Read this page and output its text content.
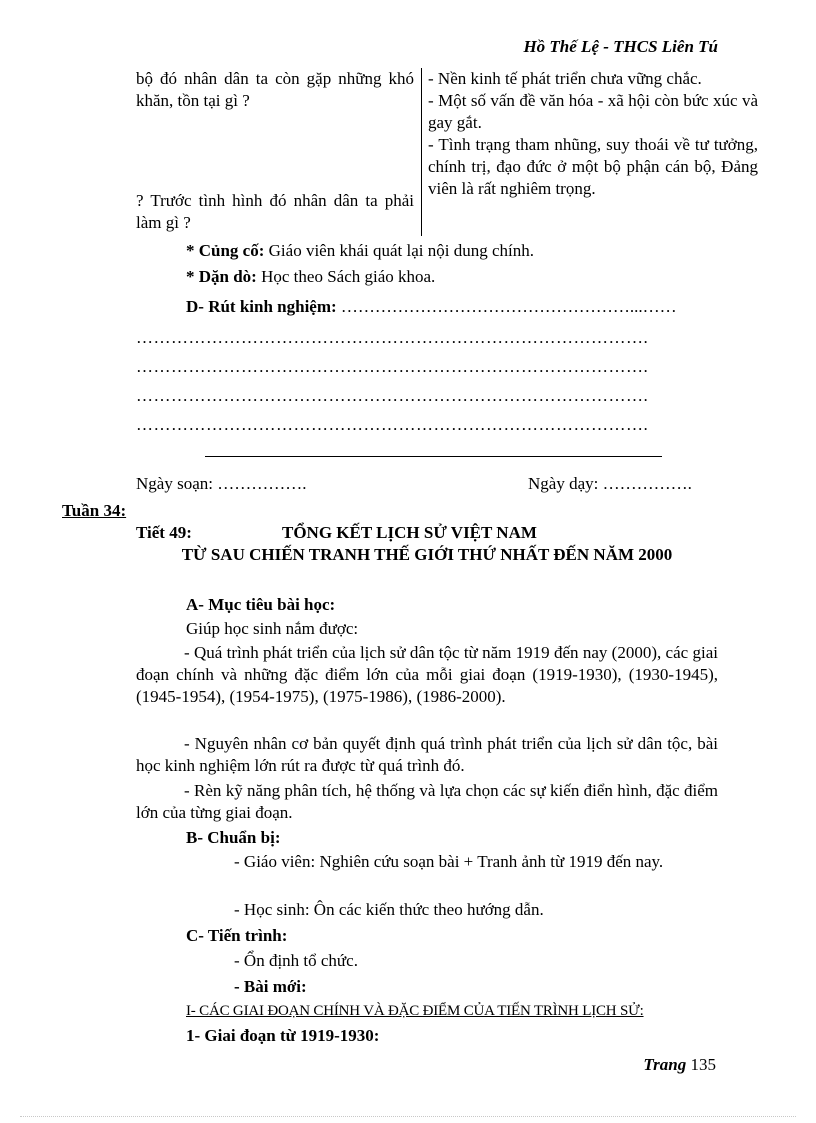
Hồ Thế Lệ - THCS Liên Tú

bộ đó nhân dân ta còn gặp những khó khăn, tồn tại gì ?

? Trước tình hình đó nhân dân ta phải làm gì ?

- Nền kinh tế phát triển chưa vững chắc.

- Một số vấn đề văn hóa - xã hội còn bức xúc và gay gắt.

- Tình trạng tham nhũng, suy thoái về tư tưởng, chính trị, đạo đức ở một bộ phận cán bộ, Đảng viên là rất nghiêm trọng.

* Củng cố: Giáo viên khái quát lại nội dung chính.
* Dặn dò: Học theo Sách giáo khoa.
D- Rút kinh nghiệm: ……………………………………………...……
…………………………………………………………………………….
…………………………………………………………………………….
…………………………………………………………………………….
…………………………………………………………………………….
Ngày soạn: …………….	Ngày dạy: …………….
Tuần 34:
Tiết 49:	TỔNG KẾT LỊCH SỬ VIỆT NAM
TỪ SAU CHIẾN TRANH THẾ GIỚI THỨ NHẤT ĐẾN NĂM 2000
A- Mục tiêu bài học:
Giúp học sinh nắm được:
- Quá trình phát triển của lịch sử dân tộc từ năm 1919 đến nay (2000), các giai đoạn chính và những đặc điểm lớn của mỗi giai đoạn (1919-1930), (1930-1945), (1945-1954), (1954-1975), (1975-1986), (1986-2000).
- Nguyên nhân cơ bản quyết định quá trình phát triển của lịch sử dân tộc, bài học kinh nghiệm lớn rút ra được từ quá trình đó.
- Rèn kỹ năng phân tích, hệ thống và lựa chọn các sự kiến điển hình, đặc điểm lớn của từng giai đoạn.
B- Chuẩn bị:
- Giáo viên: Nghiên cứu soạn bài + Tranh ảnh từ 1919 đến nay.
- Học sinh: Ôn các kiến thức theo hướng dẫn.
C- Tiến trình:
- Ổn định tổ chức.
- Bài mới:
I- CÁC GIAI ĐOẠN CHÍNH VÀ ĐẶC ĐIỂM CỦA TIẾN TRÌNH LỊCH SỬ:
1- Giai đoạn từ 1919-1930:
Trang 135
